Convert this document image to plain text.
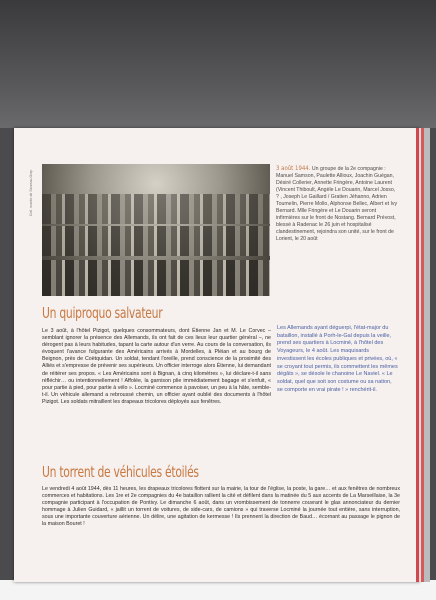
Coll. musée de Sarzeau-Grap
3 août 1944. Un groupe de la 2e compagnie : Manuel Samson, Paulette Allioux, Joachin Guégan, Désiré Collerier, Annette Fringère, Antoine Laurent (Vincent Thiboult, Angèle Le Douarin, Marcel Josso, ? , Joseph Le Gaillard / Gratien Jéhanno, Adrien Toumelin, Pierre Mollo, Alphonse Bellec, Albert et Ivy Bernard. Mlle Fringère et Le Douarin seront infirmières sur le front de Nostang. Bernard Prévost, blessé à Radenac le 26 juin et hospitalisé clandestinement, rejoindra son unité, sur le front de Lorient, le 20 août
Un quiproquo salvateur

Le 3 août, à l'hôtel Pizigot, quelques consommateurs, dont Étienne Jan et M. Le Corvec – semblant ignorer la présence des Allemands, ils ont fait de ces lieux leur quartier général –, ne dérogent pas à leurs habitudes, tapant la carte autour d'un verre. Au cours de la conversation, ils évoquent l'avance fulgurante des Américains arrivés à Mordelles, à Pléian et au bourg de Beignon, près de Coëtquidan. Un soldat, tendant l'oreille, prend conscience de la proximité des Alliés et s'empresse de prévenir ses supérieurs. Un officier interroge alors Étienne, lui demandant de réitérer ses propos. « Les Américains sont à Bignan, à cinq kilomètres », lui déclare-t-il sans réfléchir… ou intentionnellement ! Affolée, la garnison plie immédiatement bagage et s'enfuit, « pour partie à pied, pour partie à vélo ». Locminé commence à pavoiser, un peu à la hâte, semble-t-il. Un véhicule allemand a rebroussé chemin, un officier ayant oublié des documents à l'hôtel Pizigot. Les soldats mitraillent les drapeaux tricolores déployés aux fenêtres.

Les Allemands ayant déguerpi, l'état-major du bataillon, installé à Porh-le-Gal depuis la veille, prend ses quartiers à Locminé, à l'hôtel des Voyageurs, le 4 août. Les maquisards investissent les écoles publiques et privées, où, « se croyant tout permis, ils commettent les mêmes dégâts », se désole le chanoine Le Naviel. « Le soldat, quel que soit son costume ou sa nation, se comporte en vrai pirate ! » renchérit-il.

Un torrent de véhicules étoilés

Le vendredi 4 août 1944, dès 11 heures, les drapeaux tricolores flottent sur la mairie, la tour de l'église, la poste, la gare… et aux fenêtres de nombreux commerces et habitations. Les 1re et 2e compagnies du 4e bataillon rallient la cité et défilent dans la matinée du 5 aux accents de La Marseillaise, la 3e compagnie participant à l'occupation de Pontivy. Le dimanche 6 août, dans un vrombissement de tonnerre couvrant le glas annonciateur du dernier hommage à Julien Guidard, « jaillit un torrent de voitures, de side-cars, de camions » qui traverse Locminé la journée tout entière, sans interruption, sous une importante couverture aérienne. Un délire, une agitation de kermesse ! Ils prennent la direction de Baud… écornant au passage le pignon de la maison Bouret !
